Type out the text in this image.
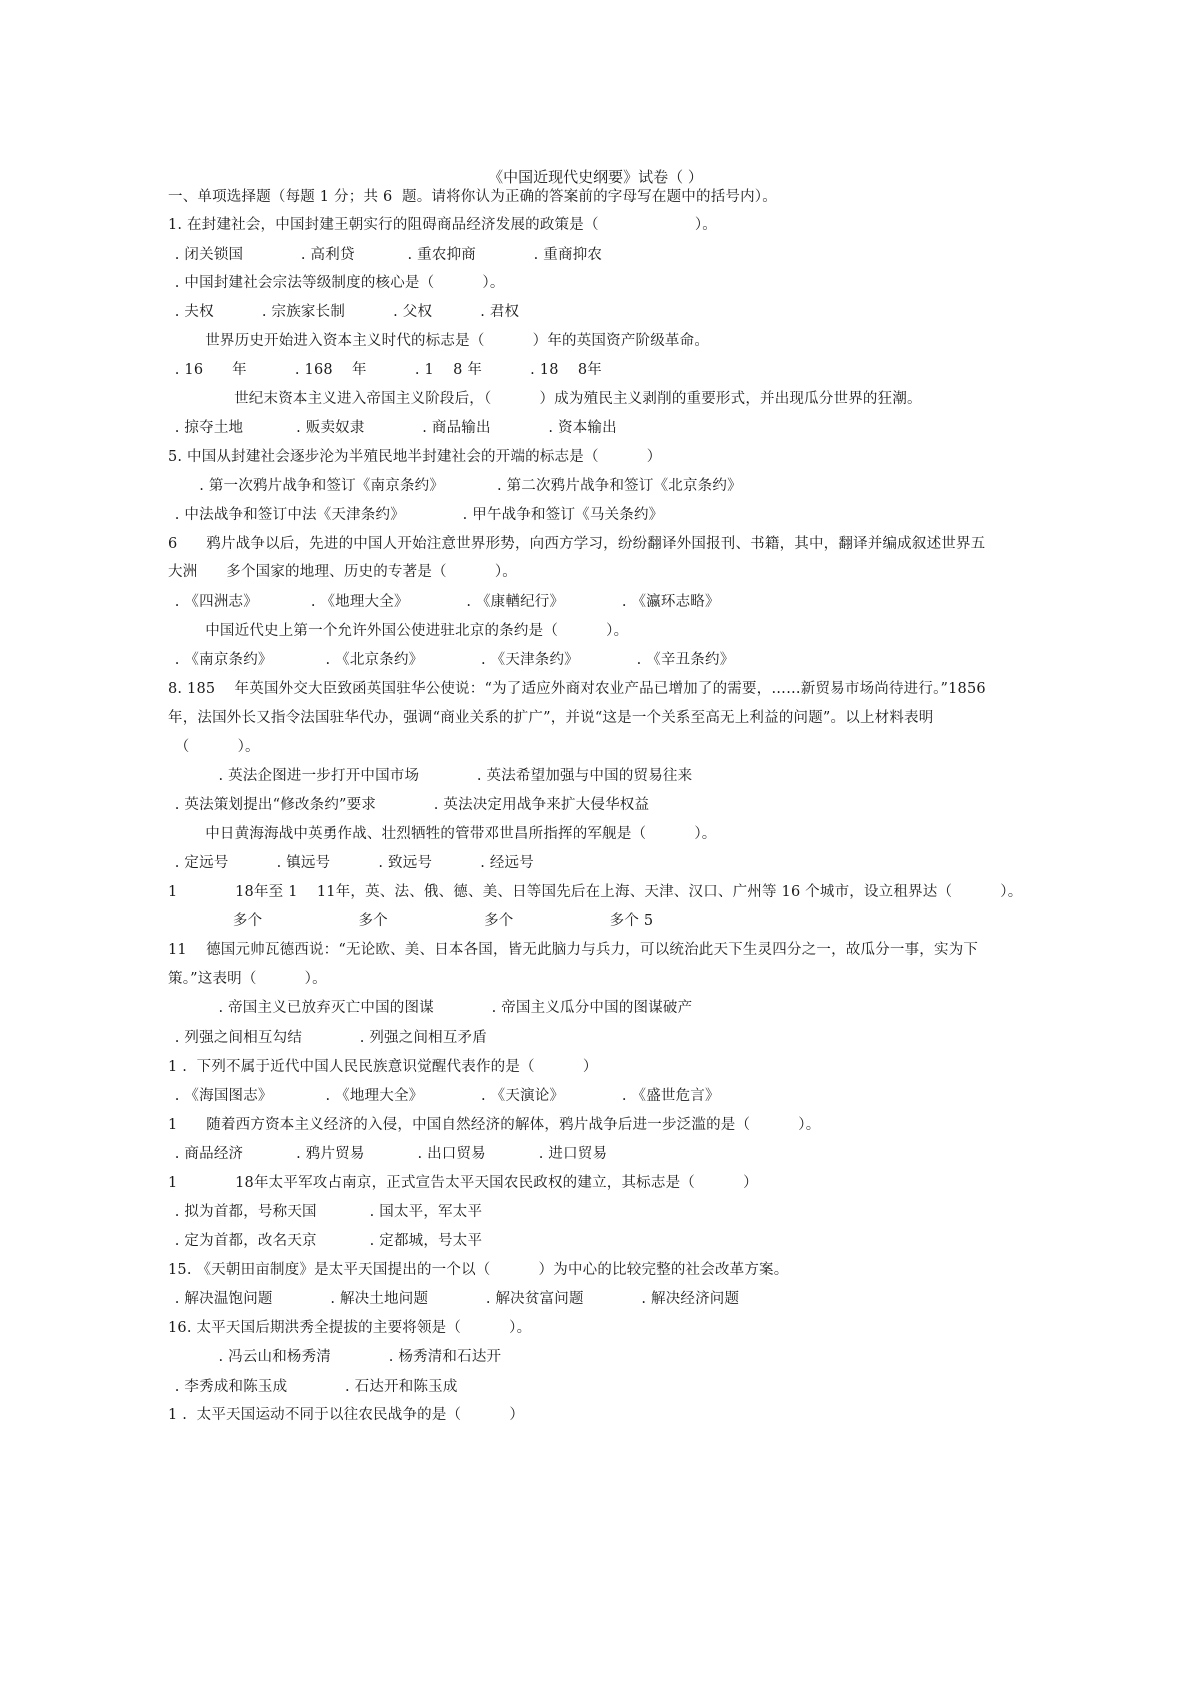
《中国近现代史纲要》试卷（ ）
一、单项选择题（每题 1 分；共 6  题。请将你认为正确的答案前的字母写在题中的括号内）。
1. 在封建社会，中国封建王朝实行的阻碍商品经济发展的政策是（                    ）。
. 闭关锁国            . 高利贷           . 重农抑商            . 重商抑农
. 中国封建社会宗法等级制度的核心是（          ）。
. 夫权          . 宗族家长制          . 父权          . 君权
世界历史开始进入资本主义时代的标志是（          ）年的英国资产阶级革命。
. 16      年          . 168    年          . 1    8 年          . 18    8年
世纪末资本主义进入帝国主义阶段后，（          ）成为殖民主义剥削的重要形式，并出现瓜分世界的狂潮。
. 掠夺土地           . 贩卖奴隶            . 商品输出            . 资本输出
5. 中国从封建社会逐步沦为半殖民地半封建社会的开端的标志是（          ）
. 第一次鸦片战争和签订《南京条约》           . 第二次鸦片战争和签订《北京条约》
. 中法战争和签订中法《天津条约》            . 甲午战争和签订《马关条约》
6      鸦片战争以后，先进的中国人开始注意世界形势，向西方学习，纷纷翻译外国报刊、书籍，其中，翻译并编成叙述世界五
大洲      多个国家的地理、历史的专著是（          ）。
. 《四洲志》           . 《地理大全》            . 《康輶纪行》            . 《瀛环志略》
中国近代史上第一个允许外国公使进驻北京的条约是（          ）。
. 《南京条约》           . 《北京条约》            . 《天津条约》            . 《辛丑条约》
8. 185    年英国外交大臣致函英国驻华公使说：“为了适应外商对农业产品已增加了的需要，……新贸易市场尚待进行。”1856
年，法国外长又指令法国驻华代办，强调“商业关系的扩广”，并说“这是一个关系至高无上利益的问题”。以上材料表明
（          ）。
. 英法企图进一步打开中国市场            . 英法希望加强与中国的贸易往来
. 英法策划提出“修改条约”要求            . 英法决定用战争来扩大侵华权益
中日黄海海战中英勇作战、壮烈牺牲的管带邓世昌所指挥的军舰是（          ）。
. 定远号          . 镇远号          . 致远号          . 经远号
1            18年至 1    11年，英、法、俄、德、美、日等国先后在上海、天津、汉口、广州等 16 个城市，设立租界达（          ）。
多个                    多个                    多个                    多个 5
11    德国元帅瓦德西说：“无论欧、美、日本各国，皆无此脑力与兵力，可以统治此天下生灵四分之一，故瓜分一事，实为下
策。”这表明（          ）。
. 帝国主义已放弃灭亡中国的图谋            . 帝国主义瓜分中国的图谋破产
. 列强之间相互勾结            . 列强之间相互矛盾
1 .  下列不属于近代中国人民民族意识觉醒代表作的是（          ）
. 《海国图志》           . 《地理大全》            . 《天演论》            . 《盛世危言》
1      随着西方资本主义经济的入侵，中国自然经济的解体，鸦片战争后进一步泛滥的是（          ）。
. 商品经济           . 鸦片贸易           . 出口贸易           . 进口贸易
1            18年太平军攻占南京，正式宣告太平天国农民政权的建立，其标志是（          ）
. 拟为首都，号称天国           . 国太平，军太平
. 定为首都，改名天京           . 定都城，号太平
15. 《天朝田亩制度》是太平天国提出的一个以（          ）为中心的比较完整的社会改革方案。
. 解决温饱问题            . 解决土地问题            . 解决贫富问题            . 解决经济问题
16. 太平天国后期洪秀全提拔的主要将领是（          ）。
. 冯云山和杨秀清            . 杨秀清和石达开
. 李秀成和陈玉成            . 石达开和陈玉成
1 .  太平天国运动不同于以往农民战争的是（          ）
